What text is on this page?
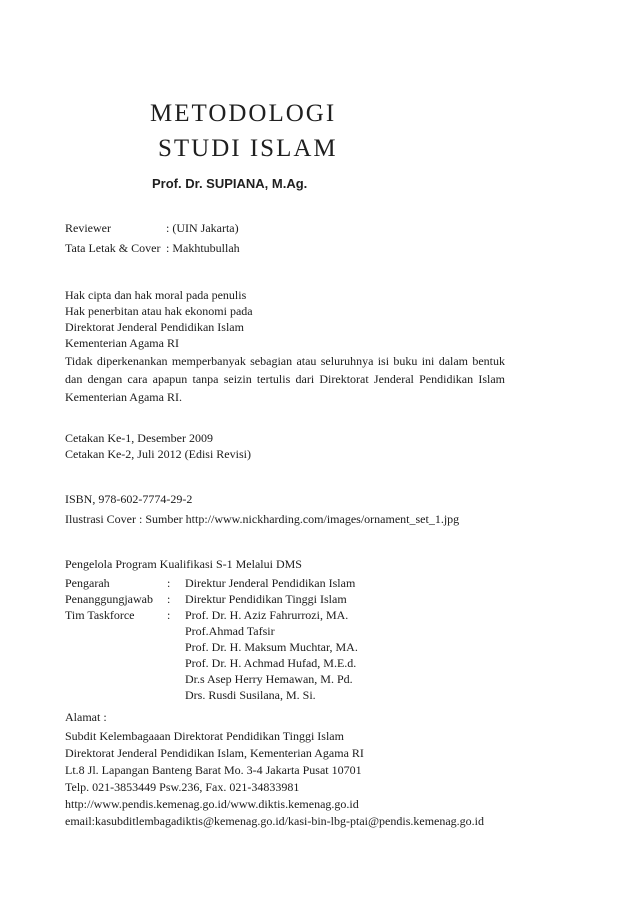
METODOLOGI
STUDI ISLAM
Prof. Dr. SUPIANA, M.Ag.
Reviewer	: (UIN Jakarta)
Tata Letak & Cover : Makhtubullah
Hak cipta dan hak moral pada penulis
Hak penerbitan atau hak ekonomi pada
Direktorat Jenderal Pendidikan Islam
Kementerian Agama RI
Tidak diperkenankan memperbanyak sebagian atau seluruhnya isi buku ini dalam bentuk dan dengan cara apapun tanpa seizin tertulis dari Direktorat Jenderal Pendidikan Islam Kementerian Agama RI.
Cetakan Ke-1, Desember 2009
Cetakan Ke-2, Juli 2012 (Edisi Revisi)
ISBN, 978-602-7774-29-2
Ilustrasi Cover : Sumber http://www.nickharding.com/images/ornament_set_1.jpg
Pengelola Program Kualifikasi S-1 Melalui DMS
Pengarah	: Direktur Jenderal Pendidikan Islam
Penanggungjawab : Direktur Pendidikan Tinggi Islam
Tim Taskforce	: Prof. Dr. H. Aziz Fahrurrozi, MA.
Prof.Ahmad Tafsir
Prof. Dr. H. Maksum Muchtar, MA.
Prof. Dr. H. Achmad Hufad, M.E.d.
Dr.s Asep Herry Hemawan, M. Pd.
Drs. Rusdi Susilana, M. Si.
Alamat :
Subdit Kelembagaaan Direktorat Pendidikan Tinggi Islam
Direktorat Jenderal Pendidikan Islam, Kementerian Agama RI
Lt.8 Jl. Lapangan Banteng Barat Mo. 3-4 Jakarta Pusat 10701
Telp. 021-3853449 Psw.236, Fax. 021-34833981
http://www.pendis.kemenag.go.id/www.diktis.kemenag.go.id
email:kasubditlembagadiktis@kemenag.go.id/kasi-bin-lbg-ptai@pendis.kemenag.go.id
